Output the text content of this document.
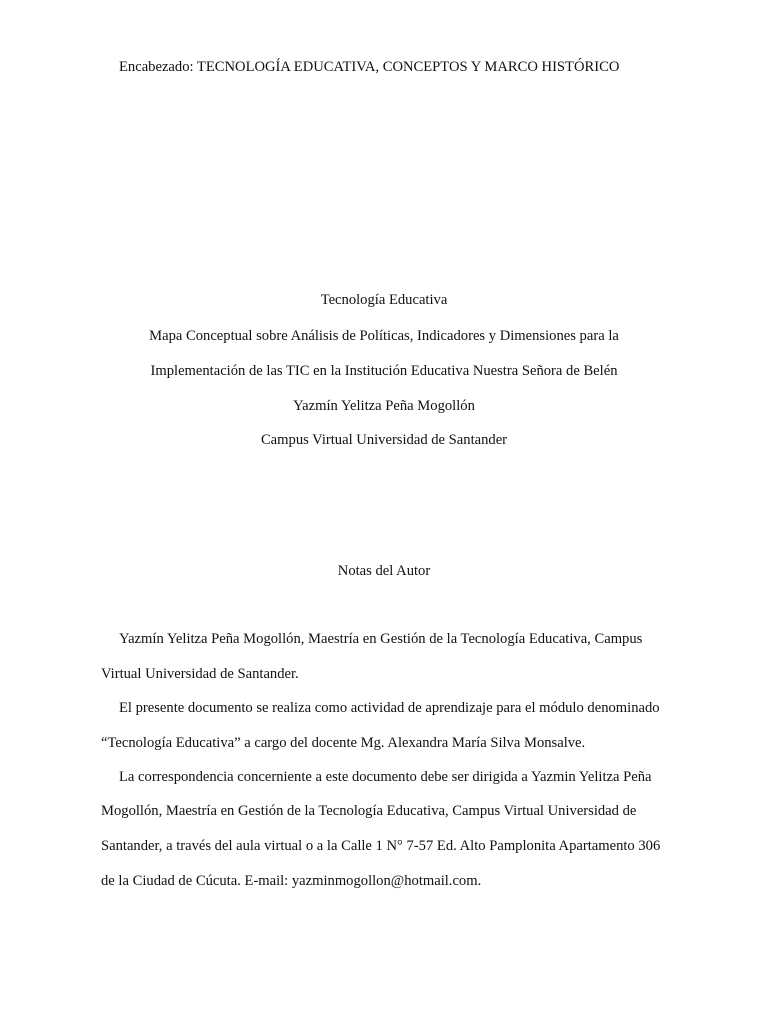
Encabezado: TECNOLOGÍA EDUCATIVA, CONCEPTOS Y MARCO HISTÓRICO
Tecnología Educativa
Mapa Conceptual sobre Análisis de Políticas, Indicadores y Dimensiones para la
Implementación de las TIC en la Institución Educativa Nuestra Señora de Belén
Yazmín Yelitza Peña Mogollón
Campus Virtual Universidad de Santander
Notas del Autor
Yazmín Yelitza Peña Mogollón, Maestría en Gestión de la Tecnología Educativa, Campus
Virtual Universidad de Santander.
El presente documento se realiza como actividad de aprendizaje para el módulo denominado
“Tecnología Educativa” a cargo del docente Mg. Alexandra María Silva Monsalve.
La correspondencia concerniente a este documento debe ser dirigida a Yazmin Yelitza Peña
Mogollón, Maestría en Gestión de la Tecnología Educativa, Campus Virtual Universidad de
Santander, a través del aula virtual o a la Calle 1 N° 7-57 Ed. Alto Pamplonita Apartamento 306
de la Ciudad de Cúcuta. E-mail: yazminmogollon@hotmail.com.
